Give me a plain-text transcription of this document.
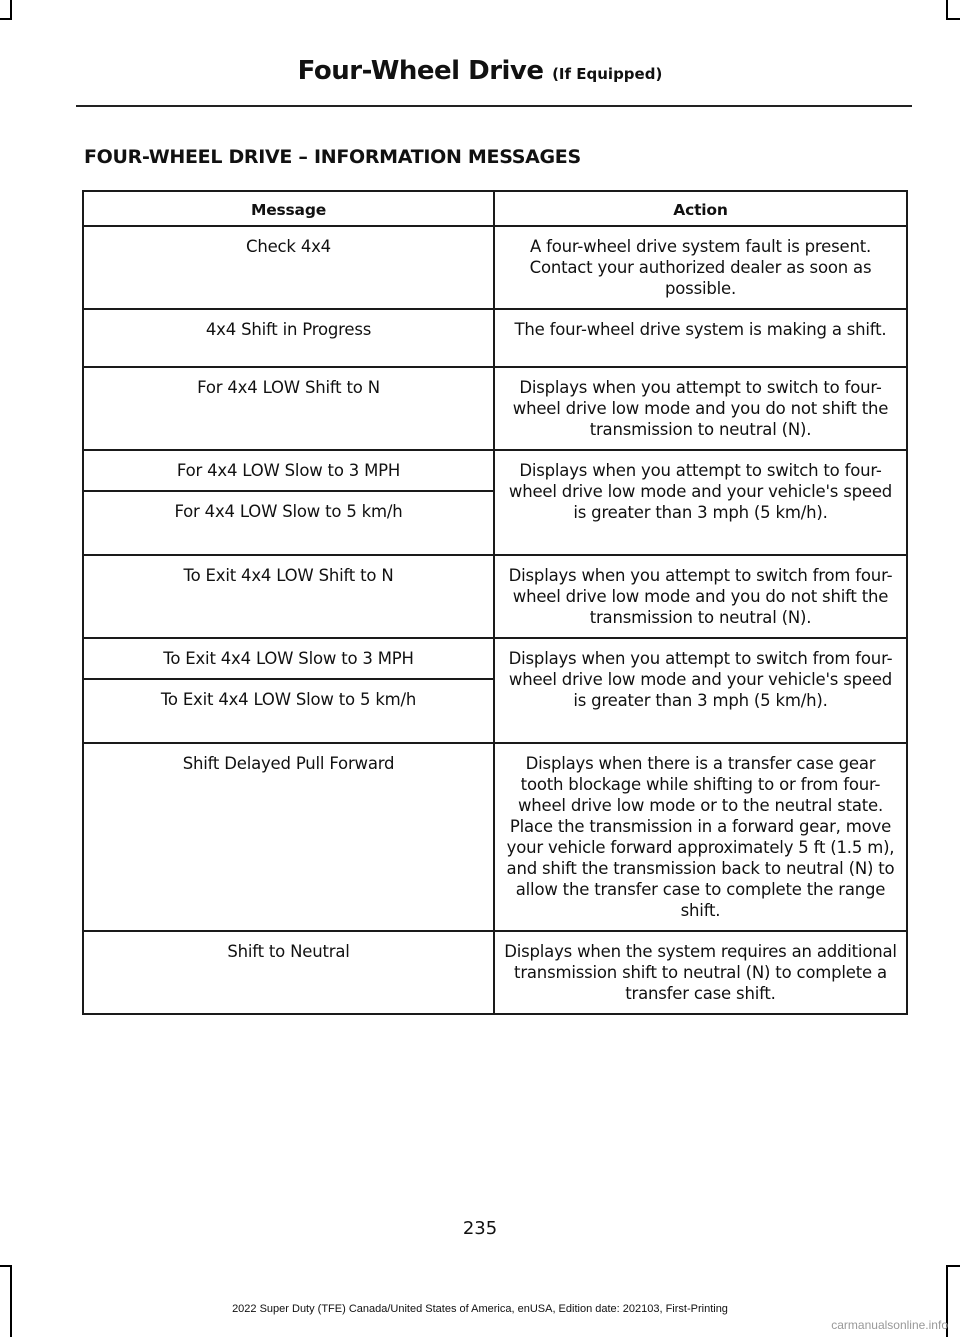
Four-Wheel Drive (If Equipped)
FOUR-WHEEL DRIVE – INFORMATION MESSAGES
Message	Action
Check 4x4	A four-wheel drive system fault is present. Contact your authorized dealer as soon as possible.
4x4 Shift in Progress	The four-wheel drive system is making a shift.
For 4x4 LOW Shift to N	Displays when you attempt to switch to four-wheel drive low mode and you do not shift the transmission to neutral (N).
For 4x4 LOW Slow to 3 MPH	Displays when you attempt to switch to four-wheel drive low mode and your vehicle's speed is greater than 3 mph (5 km/h).
For 4x4 LOW Slow to 5 km/h	
To Exit 4x4 LOW Shift to N	Displays when you attempt to switch from four-wheel drive low mode and you do not shift the transmission to neutral (N).
To Exit 4x4 LOW Slow to 3 MPH	Displays when you attempt to switch from four-wheel drive low mode and your vehicle's speed is greater than 3 mph (5 km/h).
To Exit 4x4 LOW Slow to 5 km/h	
Shift Delayed Pull Forward	Displays when there is a transfer case gear tooth blockage while shifting to or from four-wheel drive low mode or to the neutral state. Place the transmission in a forward gear, move your vehicle forward approximately 5 ft (1.5 m), and shift the transmission back to neutral (N) to allow the transfer case to complete the range shift.
Shift to Neutral	Displays when the system requires an additional transmission shift to neutral (N) to complete a transfer case shift.
235
2022 Super Duty (TFE) Canada/United States of America, enUSA, Edition date: 202103, First-Printing
carmanualsonline.info
